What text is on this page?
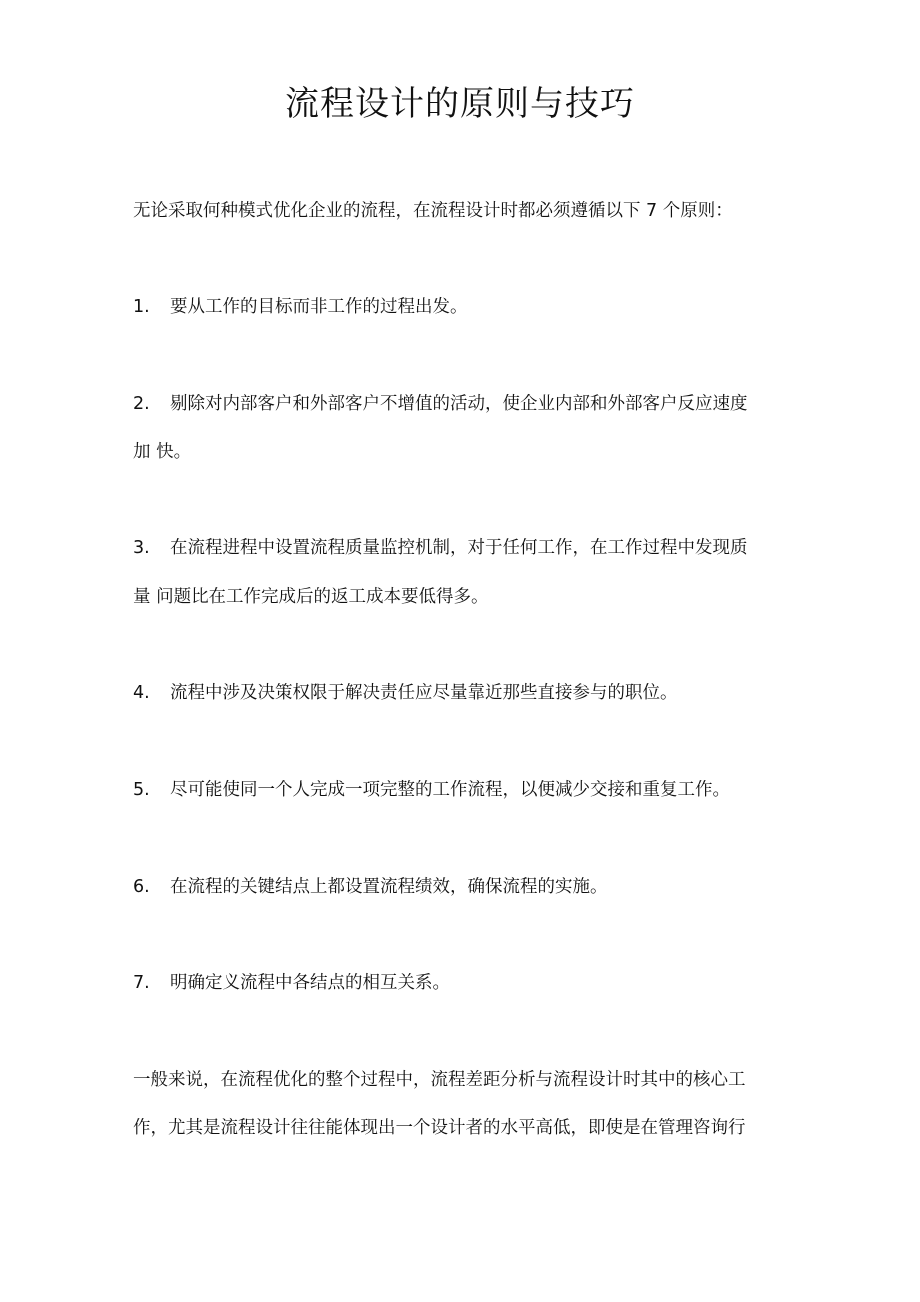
流程设计的原则与技巧
无论采取何种模式优化企业的流程，在流程设计时都必须遵循以下 7 个原则：
1. 要从工作的目标而非工作的过程出发。
2. 剔除对内部客户和外部客户不增值的活动，使企业内部和外部客户反应速度
加 快。
3. 在流程进程中设置流程质量监控机制，对于任何工作，在工作过程中发现质
量 问题比在工作完成后的返工成本要低得多。
4. 流程中涉及决策权限于解决责任应尽量靠近那些直接参与的职位。
5. 尽可能使同一个人完成一项完整的工作流程，以便减少交接和重复工作。
6. 在流程的关键结点上都设置流程绩效，确保流程的实施。
7. 明确定义流程中各结点的相互关系。
一般来说，在流程优化的整个过程中，流程差距分析与流程设计时其中的核心工
作，尤其是流程设计往往能体现出一个设计者的水平高低，即使是在管理咨询行
